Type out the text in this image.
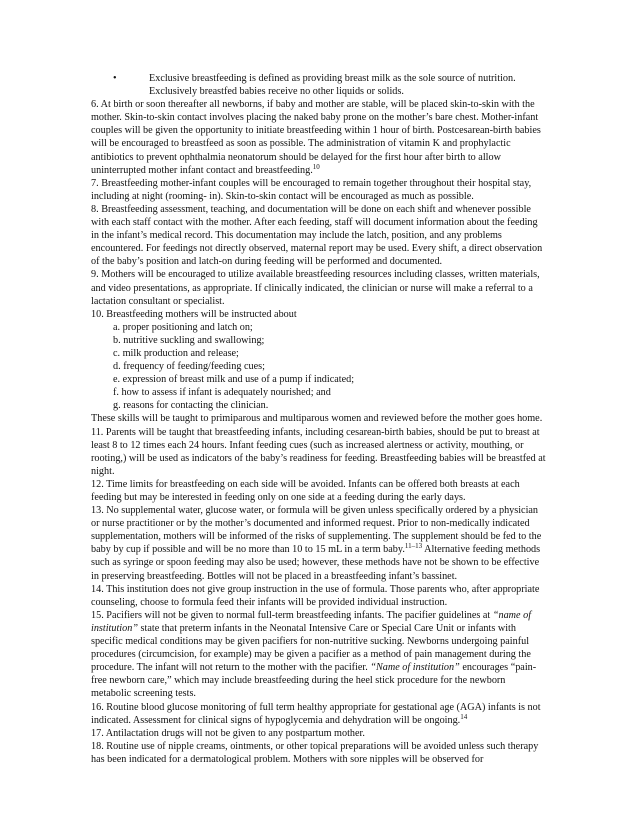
•	Exclusive breastfeeding is defined as providing breast milk as the sole source of nutrition. Exclusively breastfed babies receive no other liquids or solids.

6. At birth or soon thereafter all newborns, if baby and mother are stable, will be placed skin-to-skin with the mother. Skin-to-skin contact involves placing the naked baby prone on the mother’s bare chest. Mother-infant couples will be given the opportunity to initiate breastfeeding within 1 hour of birth. Postcesarean-birth babies will be encouraged to breastfeed as soon as possible. The administration of vitamin K and prophylactic antibiotics to prevent ophthalmia neonatorum should be delayed for the first hour after birth to allow uninterrupted mother infant contact and breastfeeding.$^{10}$

7. Breastfeeding mother-infant couples will be encouraged to remain together throughout their hospital stay, including at night (rooming- in). Skin-to-skin contact will be encouraged as much as possible.

8. Breastfeeding assessment, teaching, and documentation will be done on each shift and whenever possible with each staff contact with the mother. After each feeding, staff will document information about the feeding in the infant’s medical record. This documentation may include the latch, position, and any problems encountered. For feedings not directly observed, maternal report may be used. Every shift, a direct observation of the baby’s position and latch-on during feeding will be performed and documented.

9. Mothers will be encouraged to utilize available breastfeeding resources including classes, written materials, and video presentations, as appropriate. If clinically indicated, the clinician or nurse will make a referral to a lactation consultant or specialist.

10. Breastfeeding mothers will be instructed about

a. proper positioning and latch on;
b. nutritive suckling and swallowing;
c. milk production and release;
d. frequency of feeding/feeding cues;
e. expression of breast milk and use of a pump if indicated;
f. how to assess if infant is adequately nourished; and
g. reasons for contacting the clinician.

These skills will be taught to primiparous and multiparous women and reviewed before the mother goes home.

11. Parents will be taught that breastfeeding infants, including cesarean-birth babies, should be put to breast at least 8 to 12 times each 24 hours. Infant feeding cues (such as increased alertness or activity, mouthing, or rooting,) will be used as indicators of the baby’s readiness for feeding. Breastfeeding babies will be breastfed at night.

12. Time limits for breastfeeding on each side will be avoided. Infants can be offered both breasts at each feeding but may be interested in feeding only on one side at a feeding during the early days.

13. No supplemental water, glucose water, or formula will be given unless specifically ordered by a physician or nurse practitioner or by the mother’s documented and informed request. Prior to non-medically indicated supplementation, mothers will be informed of the risks of supplementing. The supplement should be fed to the baby by cup if possible and will be no more than 10 to 15 mL in a term baby.$^{11-13}$ Alternative feeding methods such as syringe or spoon feeding may also be used; however, these methods have not be shown to be effective in preserving breastfeeding. Bottles will not be placed in a breastfeeding infant’s bassinet.

14. This institution does not give group instruction in the use of formula. Those parents who, after appropriate counseling, choose to formula feed their infants will be provided individual instruction.

15. Pacifiers will not be given to normal full-term breastfeeding infants. The pacifier guidelines at “name of institution” state that preterm infants in the Neonatal Intensive Care or Special Care Unit or infants with specific medical conditions may be given pacifiers for non-nutritive sucking. Newborns undergoing painful procedures (circumcision, for example) may be given a pacifier as a method of pain management during the procedure. The infant will not return to the mother with the pacifier. “Name of institution” encourages “pain-free newborn care,” which may include breastfeeding during the heel stick procedure for the newborn metabolic screening tests.

16. Routine blood glucose monitoring of full term healthy appropriate for gestational age (AGA) infants is not indicated. Assessment for clinical signs of hypoglycemia and dehydration will be ongoing.$^{14}$

17. Antilactation drugs will not be given to any postpartum mother.

18. Routine use of nipple creams, ointments, or other topical preparations will be avoided unless such therapy has been indicated for a dermatological problem. Mothers with sore nipples will be observed for
